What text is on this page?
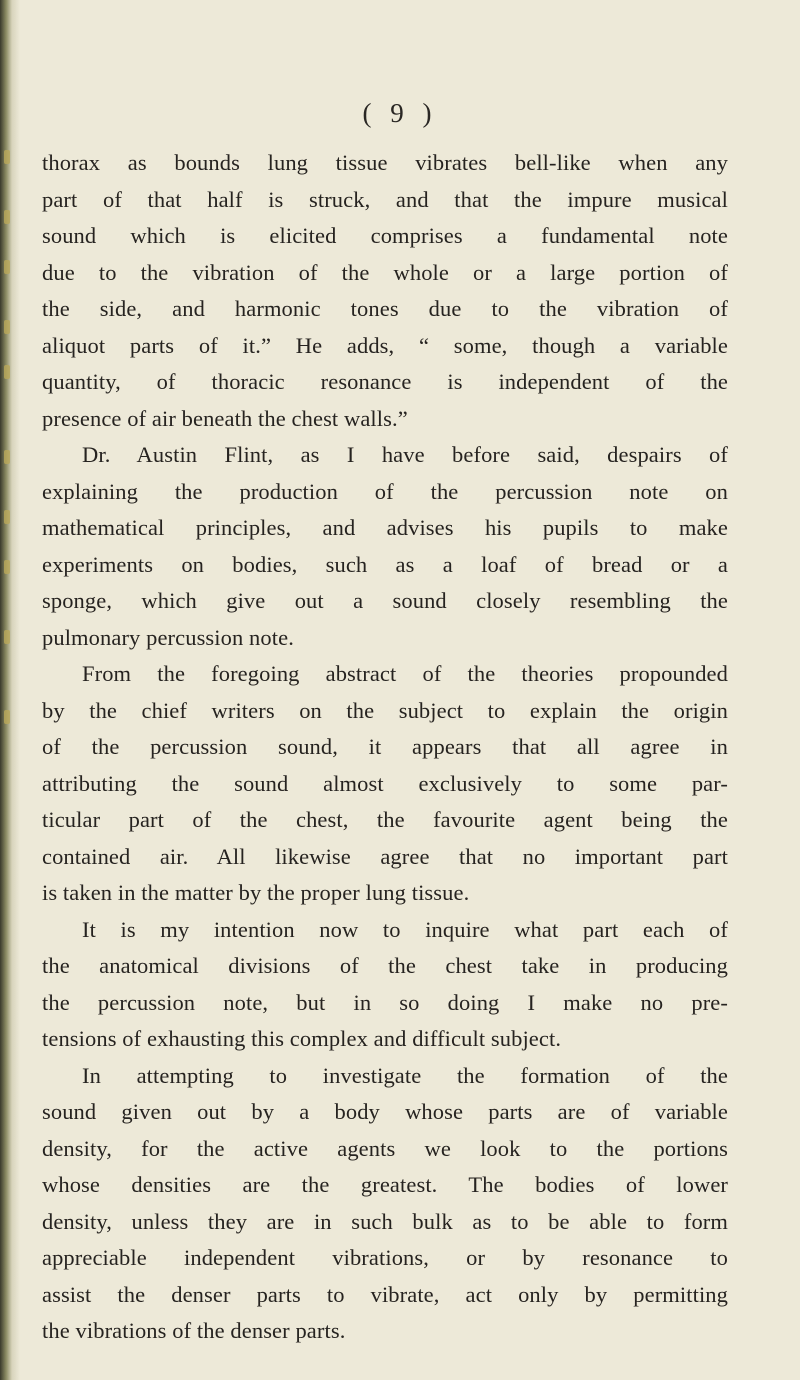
( 9 )
thorax as bounds lung tissue vibrates bell-like when any
part of that half is struck, and that the impure musical
sound which is elicited comprises a fundamental note
due to the vibration of the whole or a large portion of
the side, and harmonic tones due to the vibration of
aliquot parts of it.” He adds, “ some, though a variable
quantity, of thoracic resonance is independent of the
presence of air beneath the chest walls.”
Dr. Austin Flint, as I have before said, despairs of
explaining the production of the percussion note on
mathematical principles, and advises his pupils to make
experiments on bodies, such as a loaf of bread or a
sponge, which give out a sound closely resembling the
pulmonary percussion note.
From the foregoing abstract of the theories propounded
by the chief writers on the subject to explain the origin
of the percussion sound, it appears that all agree in
attributing the sound almost exclusively to some par-
ticular part of the chest, the favourite agent being the
contained air. All likewise agree that no important part
is taken in the matter by the proper lung tissue.
It is my intention now to inquire what part each of
the anatomical divisions of the chest take in producing
the percussion note, but in so doing I make no pre-
tensions of exhausting this complex and difficult subject.
In attempting to investigate the formation of the
sound given out by a body whose parts are of variable
density, for the active agents we look to the portions
whose densities are the greatest. The bodies of lower
density, unless they are in such bulk as to be able to form
appreciable independent vibrations, or by resonance to
assist the denser parts to vibrate, act only by permitting
the vibrations of the denser parts.
